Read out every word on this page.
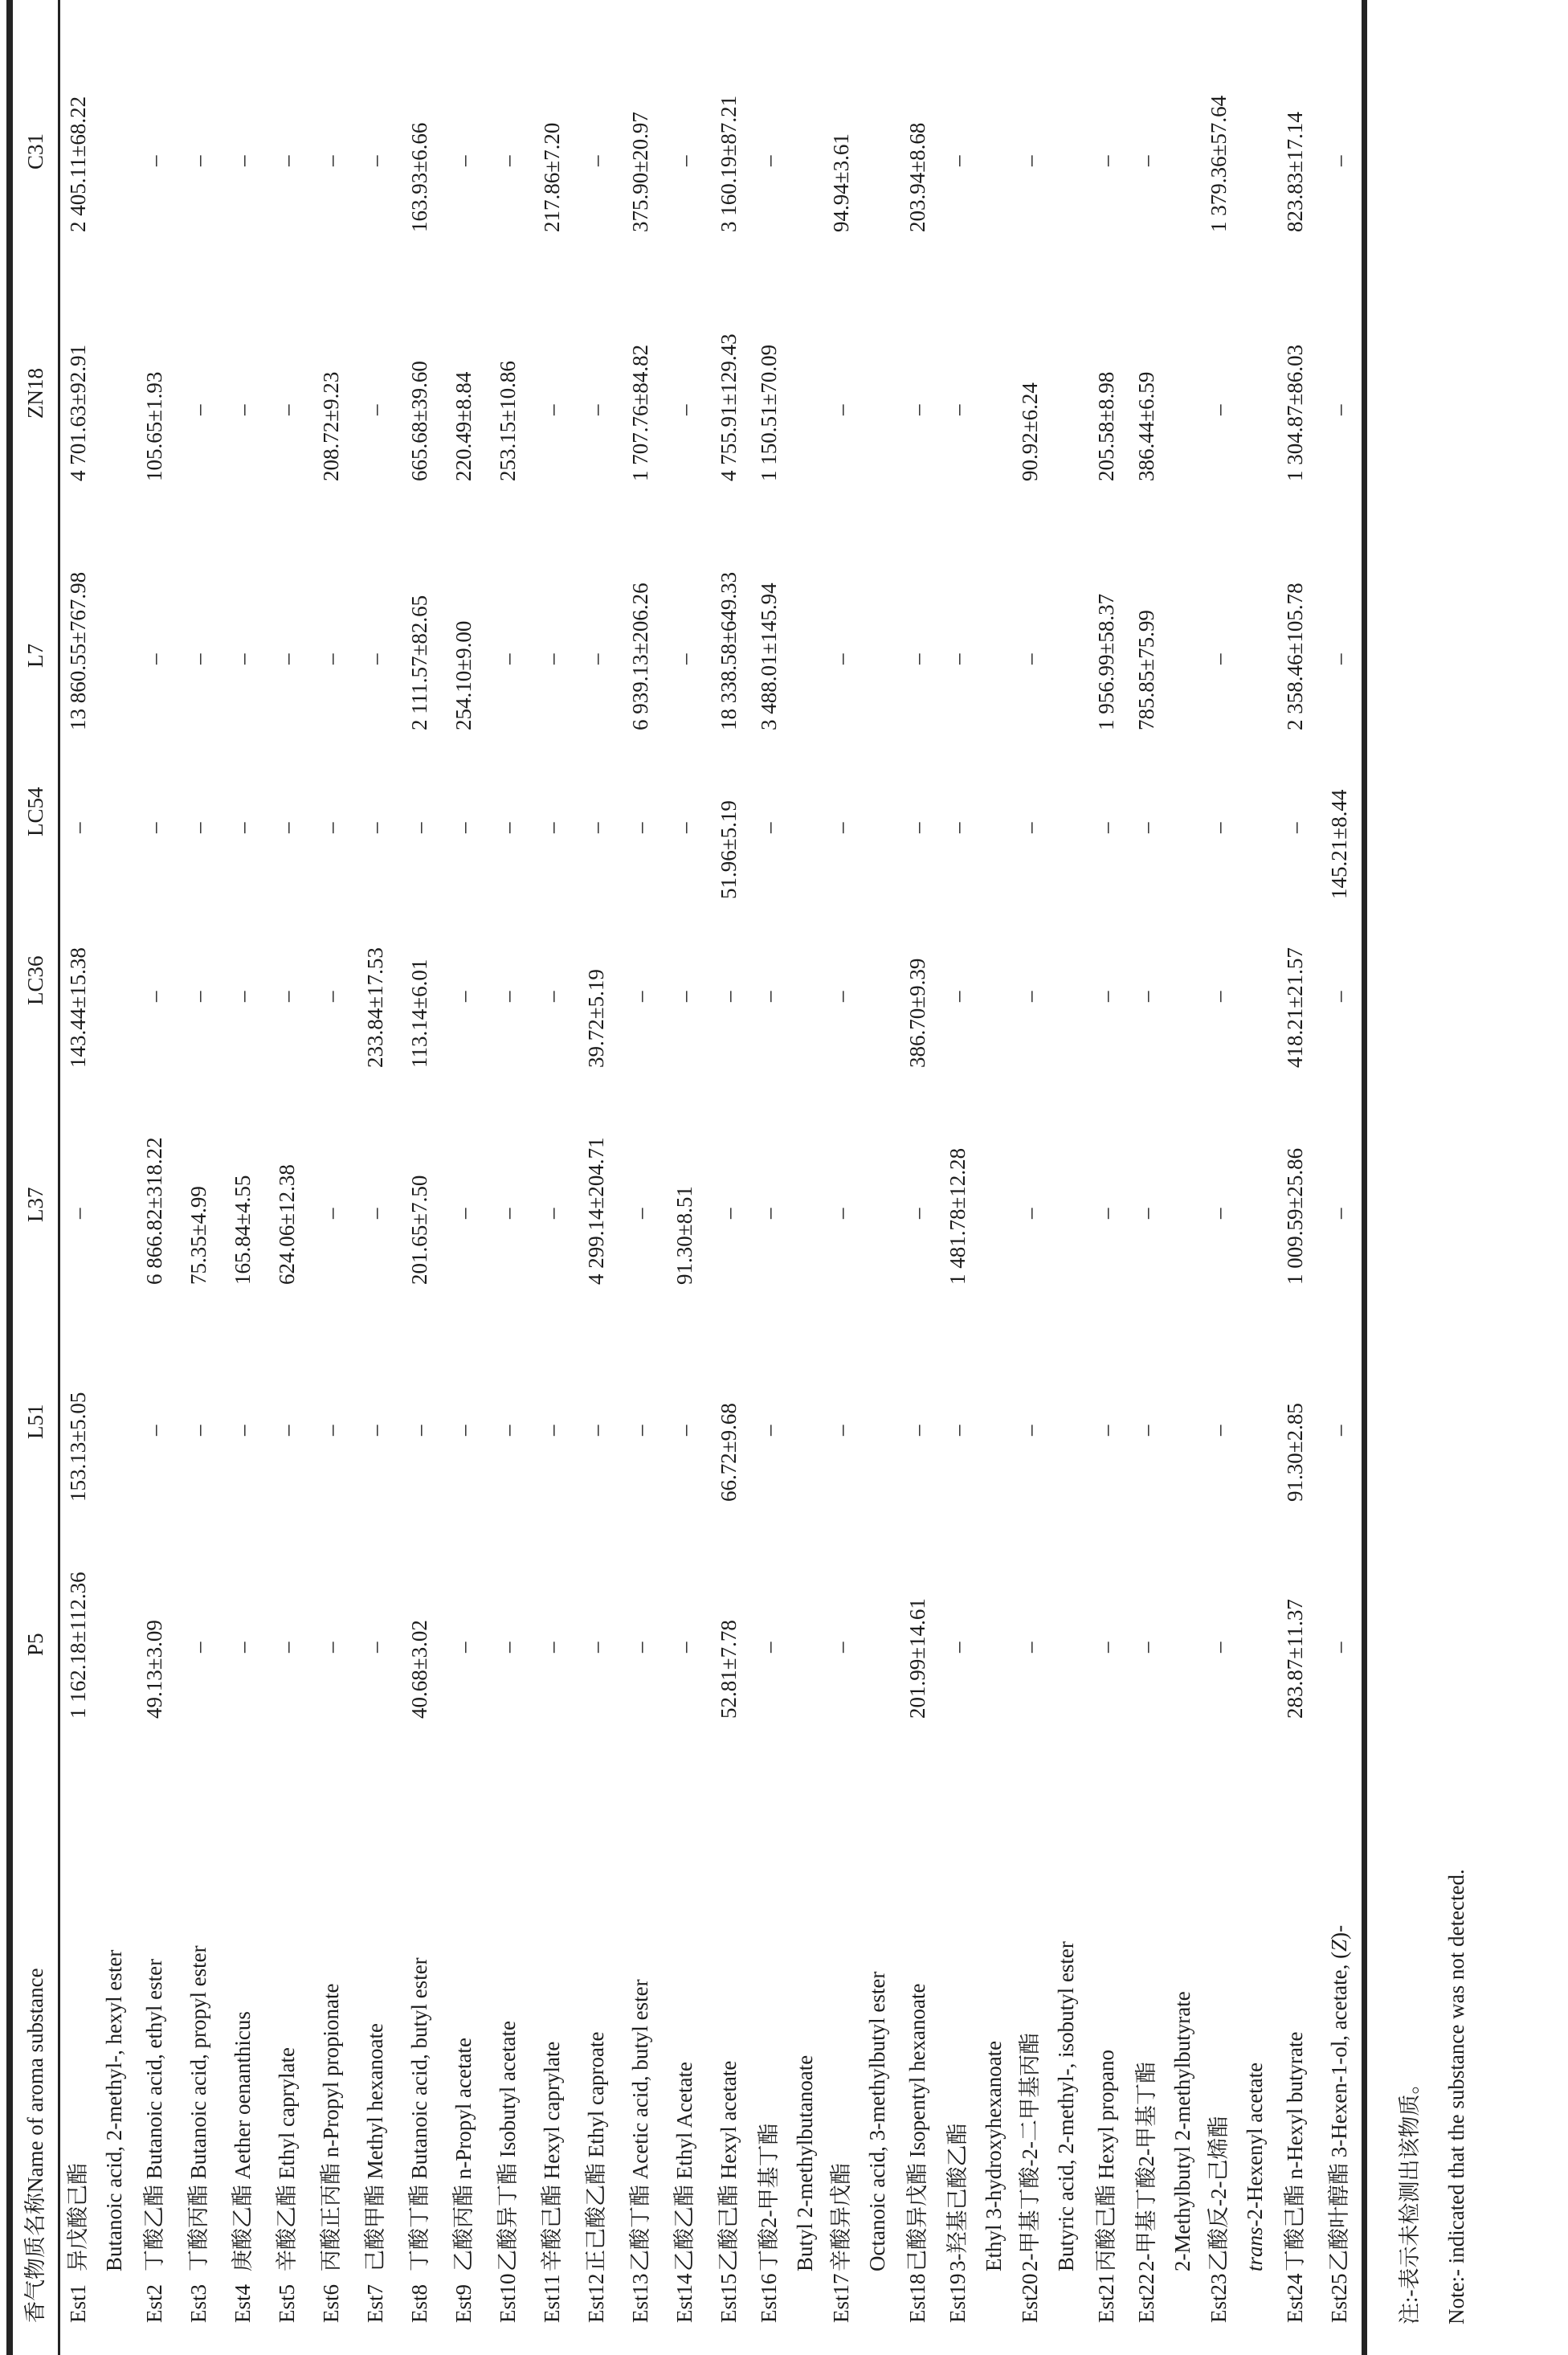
香气物质名称Name of aroma substance		P5	L51	L37	LC36	LC54	L7	ZN18	C31
Est1	异戊酸己酯 Butanoic acid, 2-methyl-, hexyl ester	1 162.18±112.36	153.13±5.05	–	143.44±15.38	–	13 860.55±767.98	4 701.63±92.91	2 405.11±68.22
Est2	丁酸乙酯 Butanoic acid, ethyl ester	49.13±3.09	–	6 866.82±318.22	–	–	–	105.65±1.93	–
Est3	丁酸丙酯 Butanoic acid, propyl ester	–	–	75.35±4.99	–	–	–	–	–
Est4	庚酸乙酯 Aether oenanthicus	–	–	165.84±4.55	–	–	–	–	–
Est5	辛酸乙酯 Ethyl caprylate	–	–	624.06±12.38	–	–	–	–	–
Est6	丙酸正丙酯 n-Propyl propionate	–	–	–	–	–	–	208.72±9.23	–
Est7	己酸甲酯 Methyl hexanoate	–	–	–	233.84±17.53	–	–	–	–
Est8	丁酸丁酯 Butanoic acid, butyl ester	40.68±3.02	–	201.65±7.50	113.14±6.01	–	2 111.57±82.65	665.68±39.60	163.93±6.66
Est9	乙酸丙酯 n-Propyl acetate	–	–	–	–	–	254.10±9.00	220.49±8.84	–
Est10	乙酸异丁酯 Isobutyl acetate	–	–	–	–	–	–	253.15±10.86	–
Est11	辛酸己酯 Hexyl caprylate	–	–	–	–	–	–	–	217.86±7.20
Est12	正己酸乙酯 Ethyl caproate	–	–	4 299.14±204.71	39.72±5.19	–	–	–	–
Est13	乙酸丁酯 Acetic acid, butyl ester	–	–	–	–	–	6 939.13±206.26	1 707.76±84.82	375.90±20.97
Est14	乙酸乙酯 Ethyl Acetate	–	–	91.30±8.51	–	–	–	–	–
Est15	乙酸己酯 Hexyl acetate	52.81±7.78	66.72±9.68	–	–	51.96±5.19	18 338.58±649.33	4 755.91±129.43	3 160.19±87.21
Est16	丁酸2-甲基丁酯 Butyl 2-methylbutanoate	–	–	–	–	–	3 488.01±145.94	1 150.51±70.09	–
Est17	辛酸异戊酯 Octanoic acid, 3-methylbutyl ester	–	–	–	–	–	–	–	94.94±3.61
Est18	己酸异戊酯 Isopentyl hexanoate	201.99±14.61	–	–	386.70±9.39	–	–	–	203.94±8.68
Est19	3-羟基己酸乙酯 Ethyl 3-hydroxyhexanoate	–	–	1 481.78±12.28	–	–	–	–	–
Est20	2-甲基丁酸-2-二甲基丙酯 Butyric acid, 2-methyl-, isobutyl ester	–	–	–	–	–	–	90.92±6.24	–
Est21	丙酸己酯 Hexyl propano	–	–	–	–	–	1 956.99±58.37	205.58±8.98	–
Est22	2-甲基丁酸2-甲基丁酯 2-Methylbutyl 2-methylbutyrate	–	–	–	–	–	785.85±75.99	386.44±6.59	–
Est23	乙酸反-2-己烯酯 trans-2-Hexenyl acetate	–	–	–	–	–	–	–	1 379.36±57.64
Est24	丁酸己酯 n-Hexyl butyrate	283.87±11.37	91.30±2.85	1 009.59±25.86	418.21±21.57	–	2 358.46±105.78	1 304.87±86.03	823.83±17.14
Est25	乙酸叶醇酯 3-Hexen-1-ol, acetate, (Z)-	–	–	–	–	145.21±8.44	–	–	–
注:-表示未检测出该物质。	Note:- indicated that the substance was not detected.
